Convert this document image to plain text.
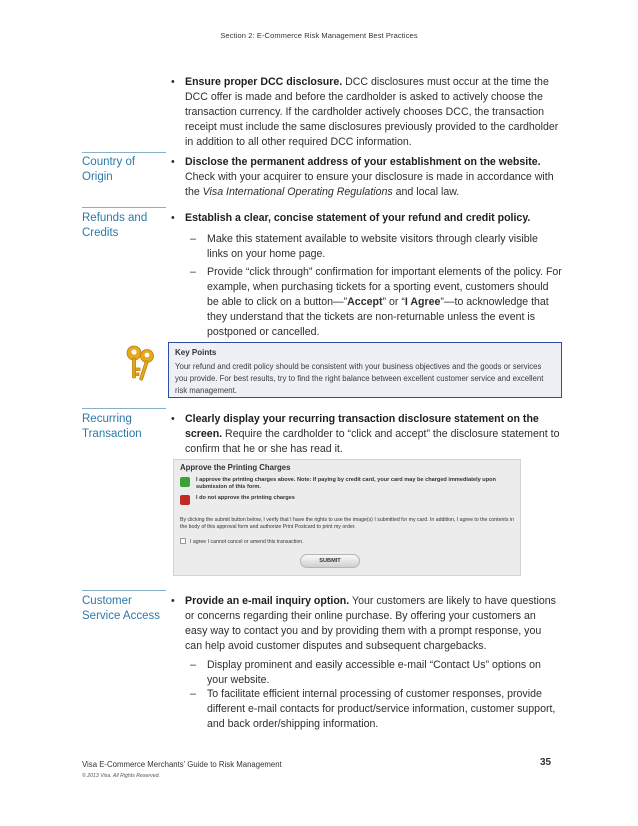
Section 2: E-Commerce Risk Management Best Practices
• Ensure proper DCC disclosure. DCC disclosures must occur at the time the DCC offer is made and before the cardholder is asked to actively choose the transaction currency. If the cardholder actively chooses DCC, the transaction receipt must include the same disclosures previously provided to the cardholder in addition to all other required DCC information.
Country of Origin
• Disclose the permanent address of your establishment on the website. Check with your acquirer to ensure your disclosure is made in accordance with the Visa International Operating Regulations and local law.
Refunds and Credits
• Establish a clear, concise statement of your refund and credit policy.
– Make this statement available to website visitors through clearly visible links on your home page.
– Provide “click through” confirmation for important elements of the policy. For example, when purchasing tickets for a sporting event, customers should be able to click on a button—”Accept” or “I Agree”—to acknowledge that they understand that the tickets are non-returnable unless the event is postponed or cancelled.
Key Points
Your refund and credit policy should be consistent with your business objectives and the goods or services you provide. For best results, try to find the right balance between excellent customer service and excellent risk management.
Recurring Transaction
• Clearly display your recurring transaction disclosure statement on the screen. Require the cardholder to “click and accept” the disclosure statement to confirm that he or she has read it.
Approve the Printing Charges
I approve the printing charges above. Note: If paying by credit card, your card may be charged immediately upon submission of this form.
I do not approve the printing charges
By clicking the submit button below, I verify that I have the rights to use the image(s) I submitted for my card. In addition, I agree to the contents in the body of this approval form and authorize Print Postcard to print my order.
I agree I cannot cancel or amend this transaction.
SUBMIT
Customer Service Access
• Provide an e-mail inquiry option. Your customers are likely to have questions or concerns regarding their online purchase. By offering your customers an easy way to contact you and by providing them with a prompt response, you can help avoid customer disputes and subsequent chargebacks.
– Display prominent and easily accessible e-mail “Contact Us” options on your website.
– To facilitate efficient internal processing of customer responses, provide different e-mail contacts for product/service information, customer support, and back order/shipping information.
Visa E-Commerce Merchants’ Guide to Risk Management
© 2013 Visa. All Rights Reserved.
35
